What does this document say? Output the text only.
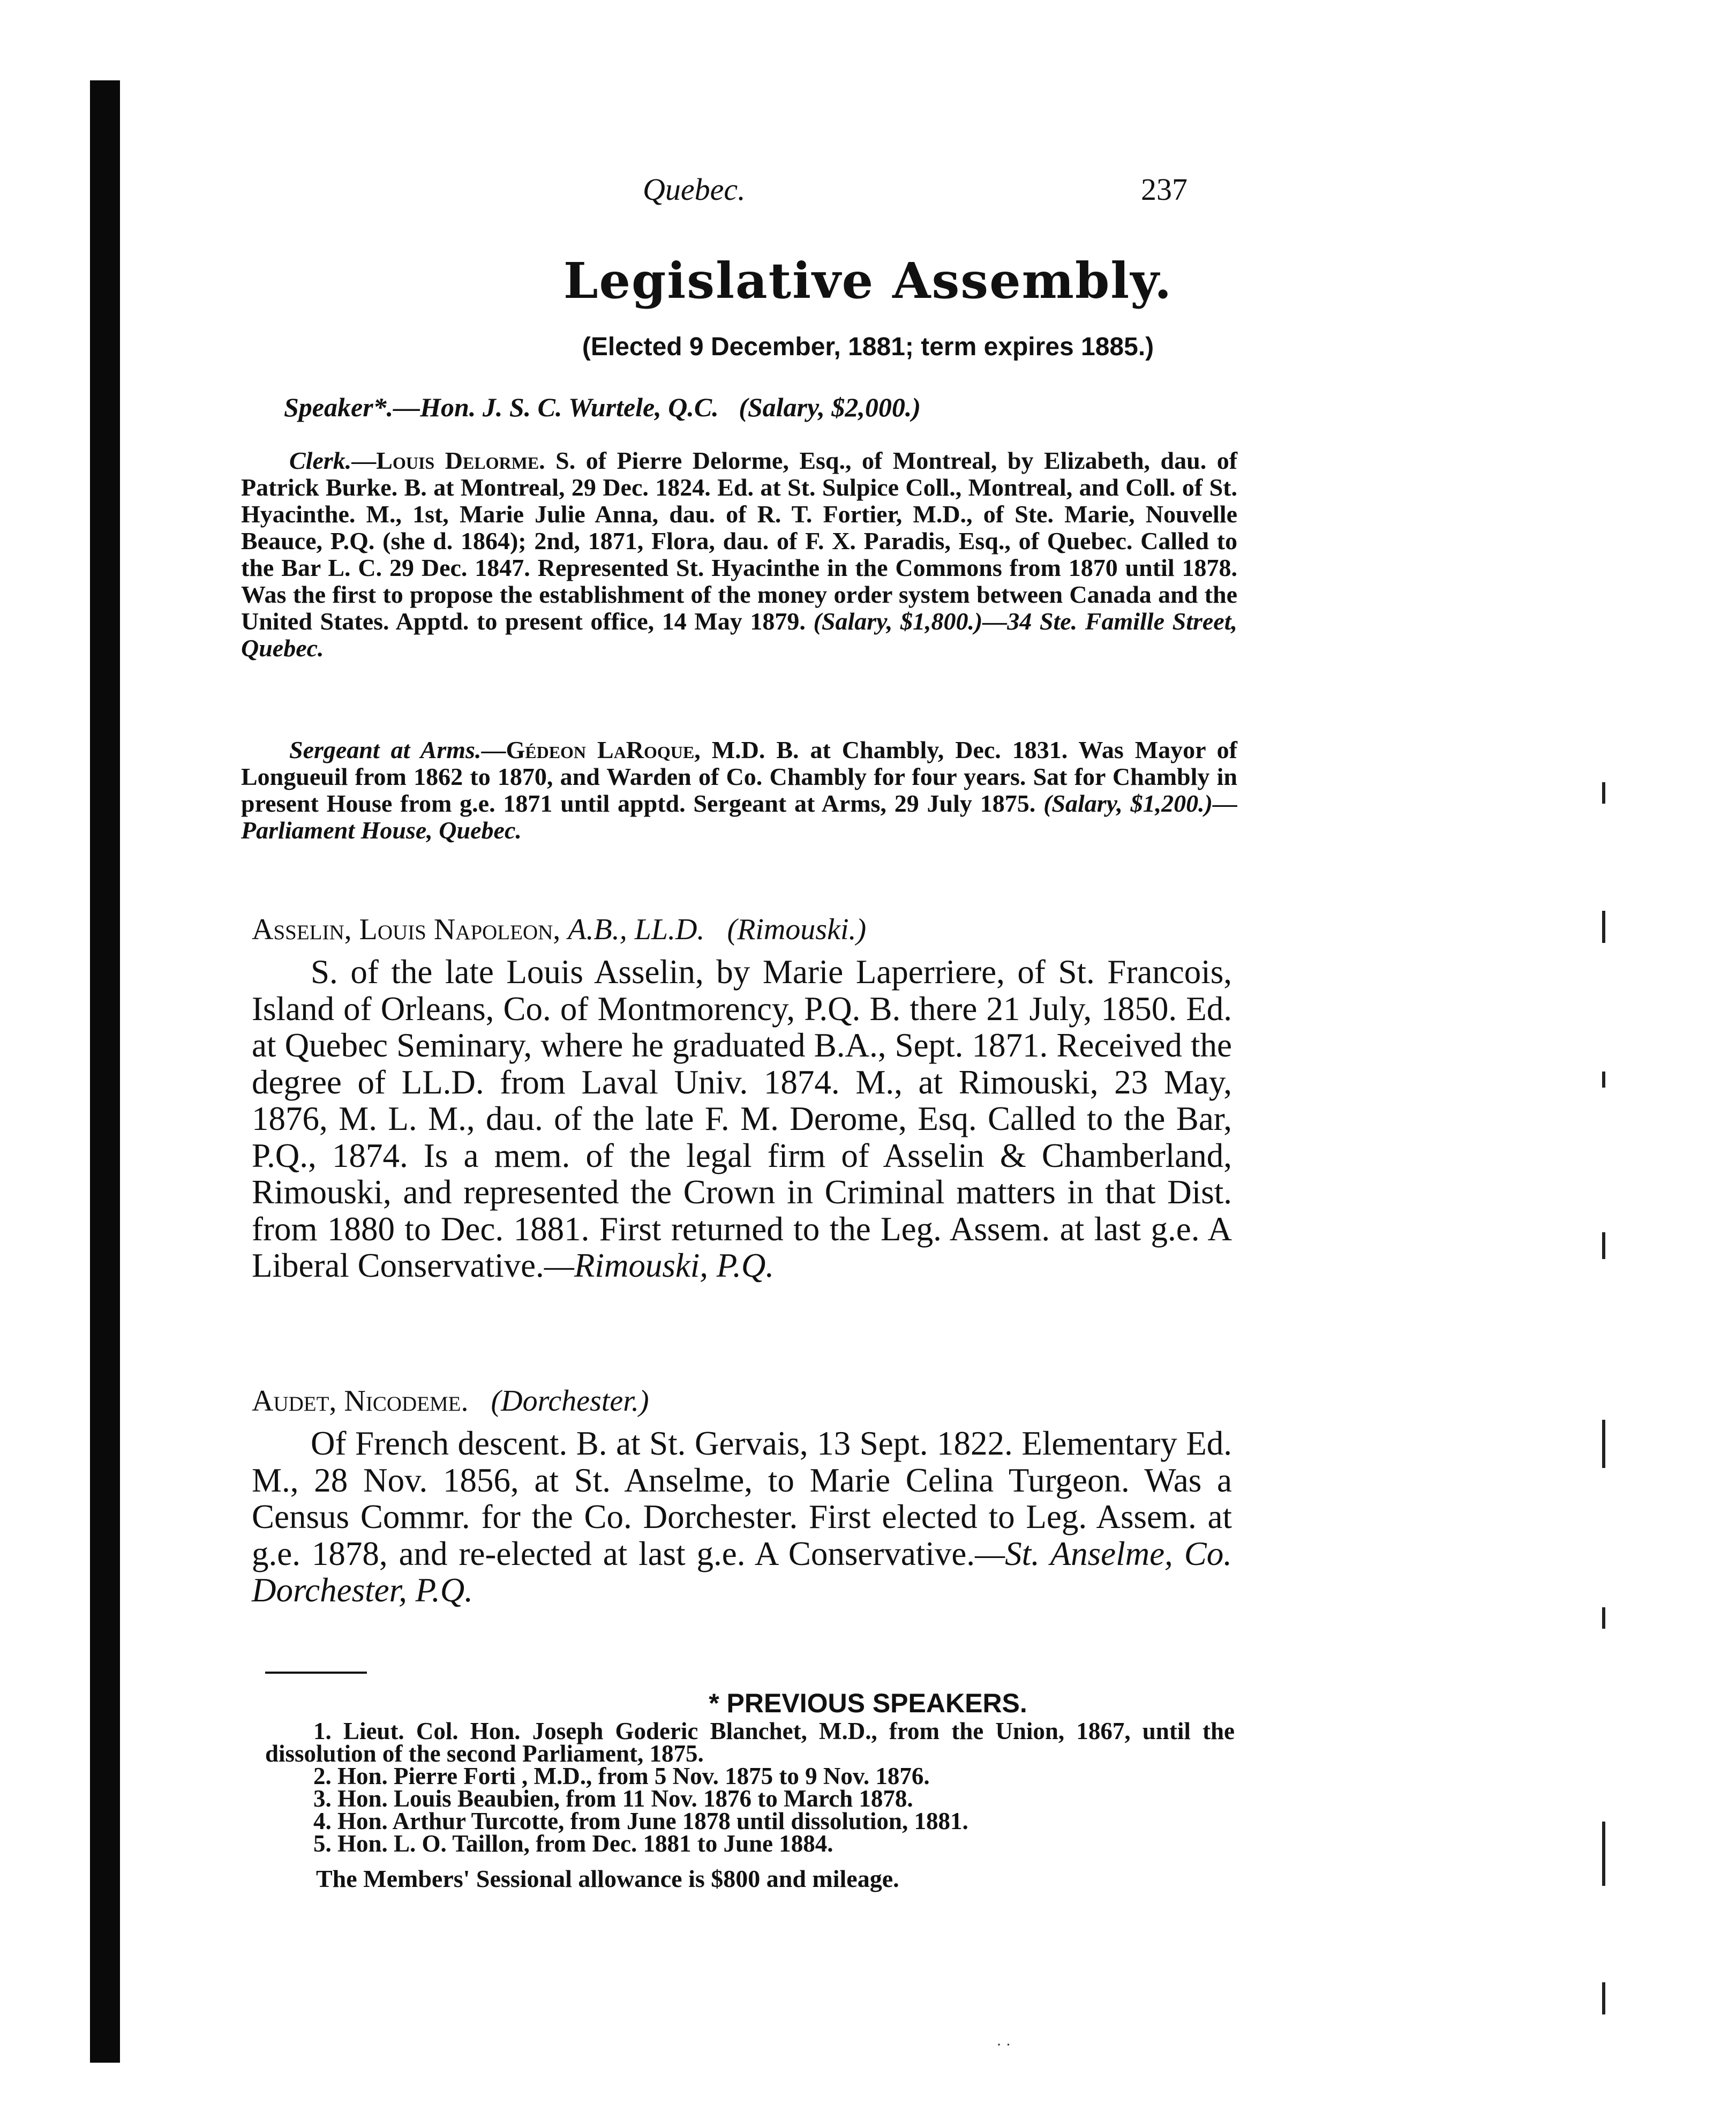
Quebec.	237
Legislative Assembly.
(Elected 9 December, 1881; term expires 1885.)
Speaker*.—Hon. J. S. C. Wurtele, Q.C. (Salary, $2,000.)

Clerk.—Louis Delorme. S. of Pierre Delorme, Esq., of Montreal, by Elizabeth, dau. of Patrick Burke. B. at Montreal, 29 Dec. 1824. Ed. at St. Sulpice Coll., Montreal, and Coll. of St. Hyacinthe. M., 1st, Marie Julie Anna, dau. of R. T. Fortier, M.D., of Ste. Marie, Nouvelle Beauce, P.Q. (she d. 1864); 2nd, 1871, Flora, dau. of F. X. Paradis, Esq., of Quebec. Called to the Bar L. C. 29 Dec. 1847. Represented St. Hyacinthe in the Commons from 1870 until 1878. Was the first to propose the establishment of the money order system between Canada and the United States. Apptd. to present office, 14 May 1879. (Salary, $1,800.)—34 Ste. Famille Street, Quebec.

Sergeant at Arms.—Gédeon LaRoque, M.D. B. at Chambly, Dec. 1831. Was Mayor of Longueuil from 1862 to 1870, and Warden of Co. Chambly for four years. Sat for Chambly in present House from g.e. 1871 until apptd. Sergeant at Arms, 29 July 1875. (Salary, $1,200.)—Parliament House, Quebec.

Asselin, Louis Napoleon, A.B., LL.D. (Rimouski.)

S. of the late Louis Asselin, by Marie Laperriere, of St. Francois, Island of Orleans, Co. of Montmorency, P.Q. B. there 21 July, 1850. Ed. at Quebec Seminary, where he graduated B.A., Sept. 1871. Received the degree of LL.D. from Laval Univ. 1874. M., at Rimouski, 23 May, 1876, M. L. M., dau. of the late F. M. Derome, Esq. Called to the Bar, P.Q., 1874. Is a mem. of the legal firm of Asselin & Chamberland, Rimouski, and represented the Crown in Criminal matters in that Dist. from 1880 to Dec. 1881. First returned to the Leg. Assem. at last g.e. A Liberal Conservative.—Rimouski, P.Q.

Audet, Nicodeme. (Dorchester.)

Of French descent. B. at St. Gervais, 13 Sept. 1822. Elementary Ed. M., 28 Nov. 1856, at St. Anselme, to Marie Celina Turgeon. Was a Census Commr. for the Co. Dorchester. First elected to Leg. Assem. at g.e. 1878, and re-elected at last g.e. A Conservative.—St. Anselme, Co. Dorchester, P.Q.

* PREVIOUS SPEAKERS.

1. Lieut. Col. Hon. Joseph Goderic Blanchet, M.D., from the Union, 1867, until the dissolution of the second Parliament, 1875.

2. Hon. Pierre Forti , M.D., from 5 Nov. 1875 to 9 Nov. 1876.

3. Hon. Louis Beaubien, from 11 Nov. 1876 to March 1878.

4. Hon. Arthur Turcotte, from June 1878 until dissolution, 1881.

5. Hon. L. O. Taillon, from Dec. 1881 to June 1884.

The Members' Sessional allowance is $800 and mileage.
· ·
